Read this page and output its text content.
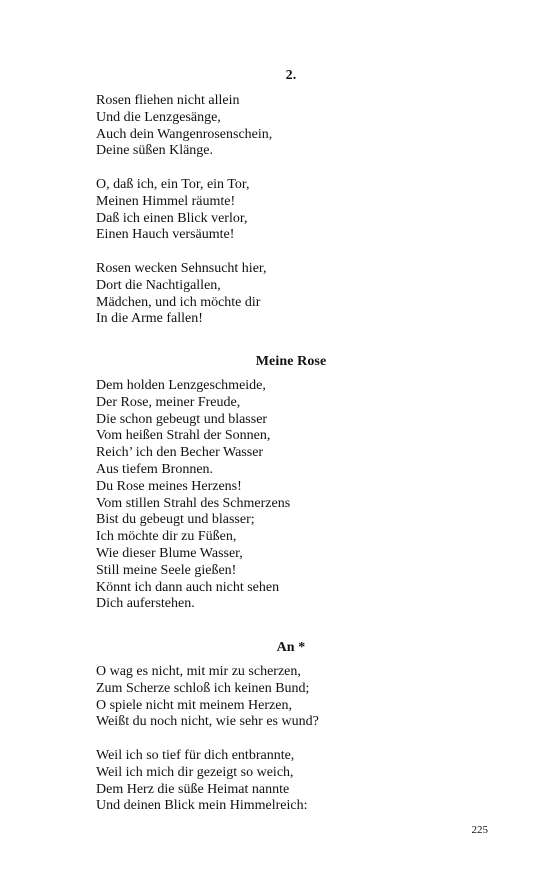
2.
Rosen fliehen nicht allein
Und die Lenzgesänge,
Auch dein Wangenrosenschein,
Deine süßen Klänge.
O, daß ich, ein Tor, ein Tor,
Meinen Himmel räumte!
Daß ich einen Blick verlor,
Einen Hauch versäumte!
Rosen wecken Sehnsucht hier,
Dort die Nachtigallen,
Mädchen, und ich möchte dir
In die Arme fallen!
Meine Rose
Dem holden Lenzgeschmeide,
Der Rose, meiner Freude,
Die schon gebeugt und blasser
Vom heißen Strahl der Sonnen,
Reich’ ich den Becher Wasser
Aus tiefem Bronnen.
Du Rose meines Herzens!
Vom stillen Strahl des Schmerzens
Bist du gebeugt und blasser;
Ich möchte dir zu Füßen,
Wie dieser Blume Wasser,
Still meine Seele gießen!
Könnt ich dann auch nicht sehen
Dich auferstehen.
An *
O wag es nicht, mit mir zu scherzen,
Zum Scherze schloß ich keinen Bund;
O spiele nicht mit meinem Herzen,
Weißt du noch nicht, wie sehr es wund?
Weil ich so tief für dich entbrannte,
Weil ich mich dir gezeigt so weich,
Dem Herz die süße Heimat nannte
Und deinen Blick mein Himmelreich:
225
